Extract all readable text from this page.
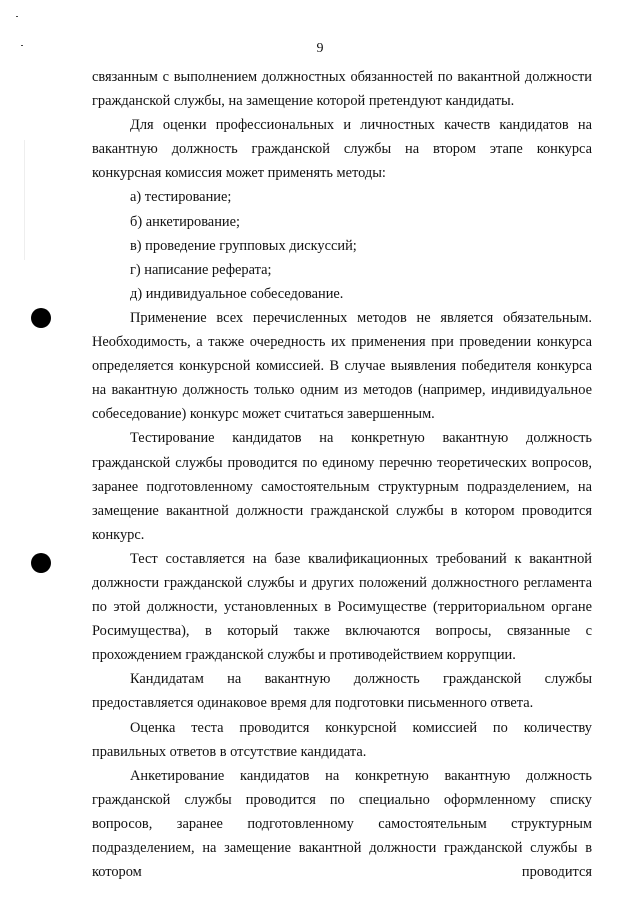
9

связанным с выполнением должностных обязанностей по вакантной должности гражданской службы, на замещение которой претендуют кандидаты.

Для оценки профессиональных и личностных качеств кандидатов на вакантную должность гражданской службы на втором этапе конкурса конкурсная комиссия может применять методы:

а) тестирование;

б) анкетирование;

в) проведение групповых дискуссий;

г) написание реферата;

д) индивидуальное собеседование.

Применение всех перечисленных методов не является обязательным. Необходимость, а также очередность их применения при проведении конкурса определяется конкурсной комиссией. В случае выявления победителя конкурса на вакантную должность только одним из методов (например, индивидуальное собеседование) конкурс может считаться завершенным.

Тестирование кандидатов на конкретную вакантную должность гражданской службы проводится по единому перечню теоретических вопросов, заранее подготовленному самостоятельным структурным подразделением, на замещение вакантной должности гражданской службы в котором проводится конкурс.

Тест составляется на базе квалификационных требований к вакантной должности гражданской службы и других положений должностного регламента по этой должности, установленных в Росимуществе (территориальном органе Росимущества), в который также включаются вопросы, связанные с прохождением гражданской службы и противодействием коррупции.

Кандидатам на вакантную должность гражданской службы предоставляется одинаковое время для подготовки письменного ответа.

Оценка теста проводится конкурсной комиссией по количеству правильных ответов в отсутствие кандидата.

Анкетирование кандидатов на конкретную вакантную должность гражданской службы проводится по специально оформленному списку вопросов, заранее подготовленному самостоятельным структурным подразделением, на замещение вакантной должности гражданской службы в котором проводится
